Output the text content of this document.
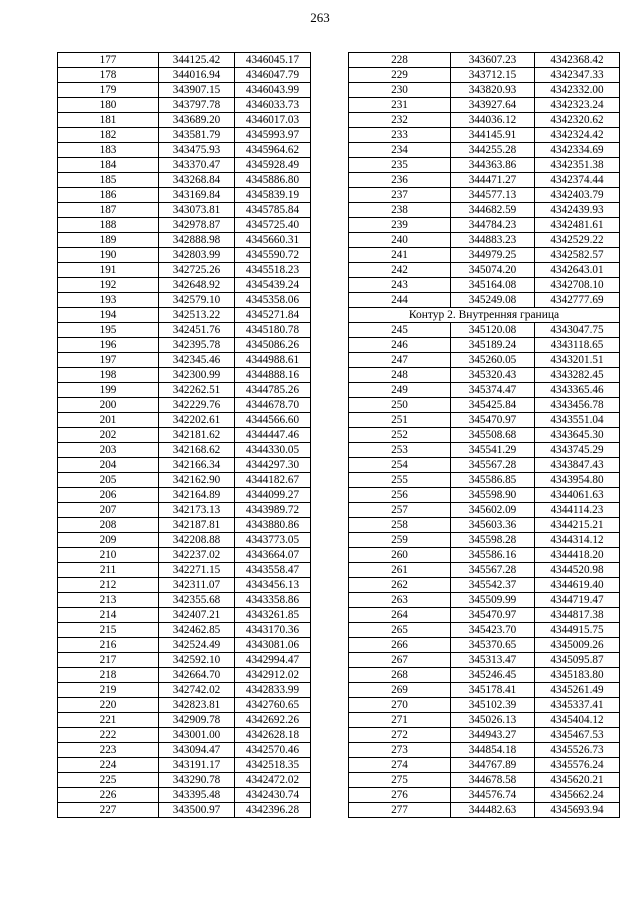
263
177	344125.42	4346045.17
178	344016.94	4346047.79
179	343907.15	4346043.99
180	343797.78	4346033.73
181	343689.20	4346017.03
182	343581.79	4345993.97
183	343475.93	4345964.62
184	343370.47	4345928.49
185	343268.84	4345886.80
186	343169.84	4345839.19
187	343073.81	4345785.84
188	342978.87	4345725.40
189	342888.98	4345660.31
190	342803.99	4345590.72
191	342725.26	4345518.23
192	342648.92	4345439.24
193	342579.10	4345358.06
194	342513.22	4345271.84
195	342451.76	4345180.78
196	342395.78	4345086.26
197	342345.46	4344988.61
198	342300.99	4344888.16
199	342262.51	4344785.26
200	342229.76	4344678.70
201	342202.61	4344566.60
202	342181.62	4344447.46
203	342168.62	4344330.05
204	342166.34	4344297.30
205	342162.90	4344182.67
206	342164.89	4344099.27
207	342173.13	4343989.72
208	342187.81	4343880.86
209	342208.88	4343773.05
210	342237.02	4343664.07
211	342271.15	4343558.47
212	342311.07	4343456.13
213	342355.68	4343358.86
214	342407.21	4343261.85
215	342462.85	4343170.36
216	342524.49	4343081.06
217	342592.10	4342994.47
218	342664.70	4342912.02
219	342742.02	4342833.99
220	342823.81	4342760.65
221	342909.78	4342692.26
222	343001.00	4342628.18
223	343094.47	4342570.46
224	343191.17	4342518.35
225	343290.78	4342472.02
226	343395.48	4342430.74
227	343500.97	4342396.28
228	343607.23	4342368.42
229	343712.15	4342347.33
230	343820.93	4342332.00
231	343927.64	4342323.24
232	344036.12	4342320.62
233	344145.91	4342324.42
234	344255.28	4342334.69
235	344363.86	4342351.38
236	344471.27	4342374.44
237	344577.13	4342403.79
238	344682.59	4342439.93
239	344784.23	4342481.61
240	344883.23	4342529.22
241	344979.25	4342582.57
242	345074.20	4342643.01
243	345164.08	4342708.10
244	345249.08	4342777.69
Контур 2. Внутренняя граница		
245	345120.08	4343047.75
246	345189.24	4343118.65
247	345260.05	4343201.51
248	345320.43	4343282.45
249	345374.47	4343365.46
250	345425.84	4343456.78
251	345470.97	4343551.04
252	345508.68	4343645.30
253	345541.29	4343745.29
254	345567.28	4343847.43
255	345586.85	4343954.80
256	345598.90	4344061.63
257	345602.09	4344114.23
258	345603.36	4344215.21
259	345598.28	4344314.12
260	345586.16	4344418.20
261	345567.28	4344520.98
262	345542.37	4344619.40
263	345509.99	4344719.47
264	345470.97	4344817.38
265	345423.70	4344915.75
266	345370.65	4345009.26
267	345313.47	4345095.87
268	345246.45	4345183.80
269	345178.41	4345261.49
270	345102.39	4345337.41
271	345026.13	4345404.12
272	344943.27	4345467.53
273	344854.18	4345526.73
274	344767.89	4345576.24
275	344678.58	4345620.21
276	344576.74	4345662.24
277	344482.63	4345693.94
